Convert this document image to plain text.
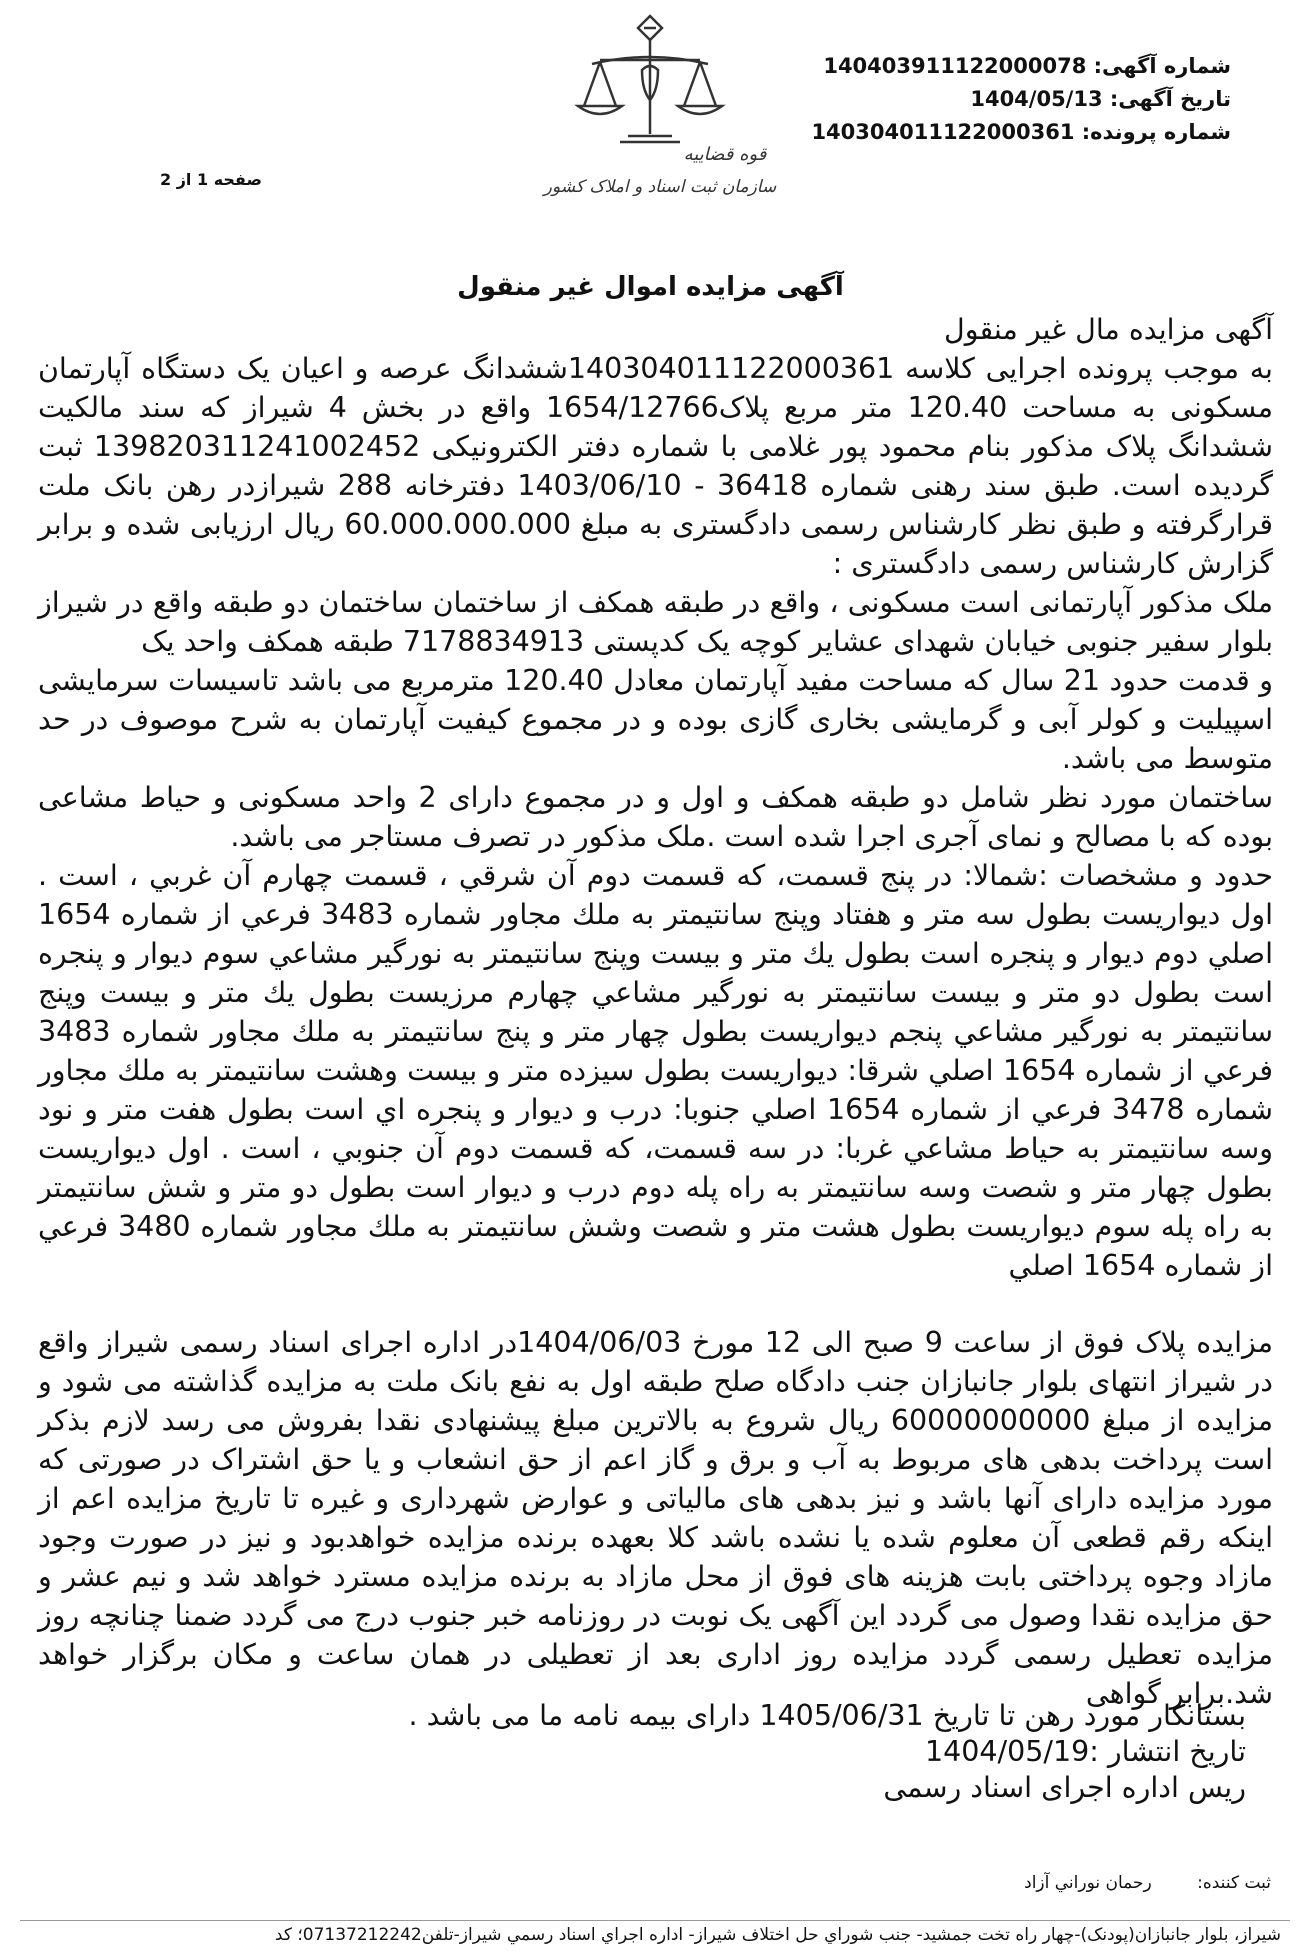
قوه قضاییه
سازمان ثبت اسناد و املاک کشور
شماره آگهی: 140403911122000078
تاریخ آگهی: 1404/05/13
شماره پرونده: 140304011122000361
صفحه 1 از 2
آگهی مزایده اموال غیر منقول

آگهی مزایده مال غیر منقول

به موجب پرونده اجرایی کلاسه 140304011122000361ششدانگ عرصه و اعیان یک دستگاه آپارتمان مسکونی به مساحت 120.40 متر مربع پلاک1654/12766 واقع در بخش 4 شیراز که سند مالکیت ششدانگ پلاک مذکور بنام محمود پور غلامی با شماره دفتر الکترونیکی 139820311241002452 ثبت گردیده است. طبق سند رهنی شماره 36418 - 1403/06/10 دفترخانه 288 شیرازدر رهن بانک ملت قرارگرفته و طبق نظر کارشناس رسمی دادگستری به مبلغ 60.000.000.000 ریال ارزیابی شده و برابر گزارش کارشناس رسمی دادگستری :

ملک مذکور آپارتمانی است مسکونی ، واقع در طبقه همکف از ساختمان ساختمان دو طبقه واقع در شیراز بلوار سفیر جنوبی خیابان شهدای عشایر کوچه یک کدپستی 7178834913 طبقه همکف واحد یک

و قدمت حدود 21 سال که مساحت مفید آپارتمان معادل 120.40 مترمربع می باشد تاسیسات سرمایشی اسپیلیت و کولر آبی و گرمایشی بخاری گازی بوده و در مجموع کیفیت آپارتمان به شرح موصوف در حد متوسط می باشد.

ساختمان مورد نظر شامل دو طبقه همکف و اول و در مجموع دارای 2 واحد مسکونی و حیاط مشاعی بوده که با مصالح و نمای آجری اجرا شده است .ملک مذکور در تصرف مستاجر می باشد.

حدود و مشخصات :شمالا: در پنج قسمت، كه قسمت دوم آن شرقي ، قسمت چهارم آن غربي ، است . اول ديواريست بطول سه متر و هفتاد وپنج سانتيمتر به ملك مجاور شماره 3483 فرعي از شماره 1654 اصلي دوم ديوار و پنجره است بطول يك متر و بيست وپنج سانتيمتر به نورگير مشاعي سوم ديوار و پنجره است بطول دو متر و بيست سانتيمتر به نورگير مشاعي چهارم مرزيست بطول يك متر و بيست وپنج سانتيمتر به نورگير مشاعي پنجم ديواريست بطول چهار متر و پنج سانتيمتر به ملك مجاور شماره 3483 فرعي از شماره 1654 اصلي شرقا: ديواريست بطول سيزده متر و بيست وهشت سانتيمتر به ملك مجاور شماره 3478 فرعي از شماره 1654 اصلي جنوبا: درب و ديوار و پنجره اي است بطول هفت متر و نود وسه سانتيمتر به حياط مشاعي غربا: در سه قسمت، كه قسمت دوم آن جنوبي ، است . اول ديواريست بطول چهار متر و شصت وسه سانتيمتر به راه پله دوم درب و ديوار است بطول دو متر و شش سانتيمتر به راه پله سوم ديواريست بطول هشت متر و شصت وشش سانتيمتر به ملك مجاور شماره 3480 فرعي از شماره 1654 اصلي

مزایده پلاک فوق از ساعت 9 صبح الی 12 مورخ 1404/06/03در اداره اجرای اسناد رسمی شیراز واقع در شیراز انتهای بلوار جانبازان جنب دادگاه صلح طبقه اول به نفع بانک ملت به مزایده گذاشته می شود و مزایده از مبلغ 60000000000 ریال شروع به بالاترین مبلغ پیشنهادی نقدا بفروش می رسد لازم بذکر است پرداخت بدهی های مربوط به آب و برق و گاز اعم از حق انشعاب و یا حق اشتراک در صورتی که مورد مزایده دارای آنها باشد و نیز بدهی های مالیاتی و عوارض شهرداری و غیره تا تاریخ مزایده اعم از اینکه رقم قطعی آن معلوم شده یا نشده باشد کلا بعهده برنده مزایده خواهدبود و نیز در صورت وجود مازاد وجوه پرداختی بابت هزینه های فوق از محل مازاد به برنده مزایده مسترد خواهد شد و نیم عشر و حق مزایده نقدا وصول می گردد این آگهی یک نوبت در روزنامه خبر جنوب درج می گردد ضمنا چنانچه روز مزایده تعطیل رسمی گردد مزایده روز اداری بعد از تعطیلی در همان ساعت و مکان برگزار خواهد شد.برابر گواهی

بستانکار مورد رهن تا تاریخ 1405/06/31 دارای بیمه نامه ما می باشد .

تاریخ انتشار :1404/05/19

ریس اداره اجرای اسناد رسمی

ثبت کننده: رحمان نوراني آزاد
شیراز، بلوار جانبازان(پودنک)-چهار راه تخت جمشید- جنب شوراي حل اختلاف شیراز- اداره اجراي اسناد رسمي شیراز-تلفن07137212242؛ کد
